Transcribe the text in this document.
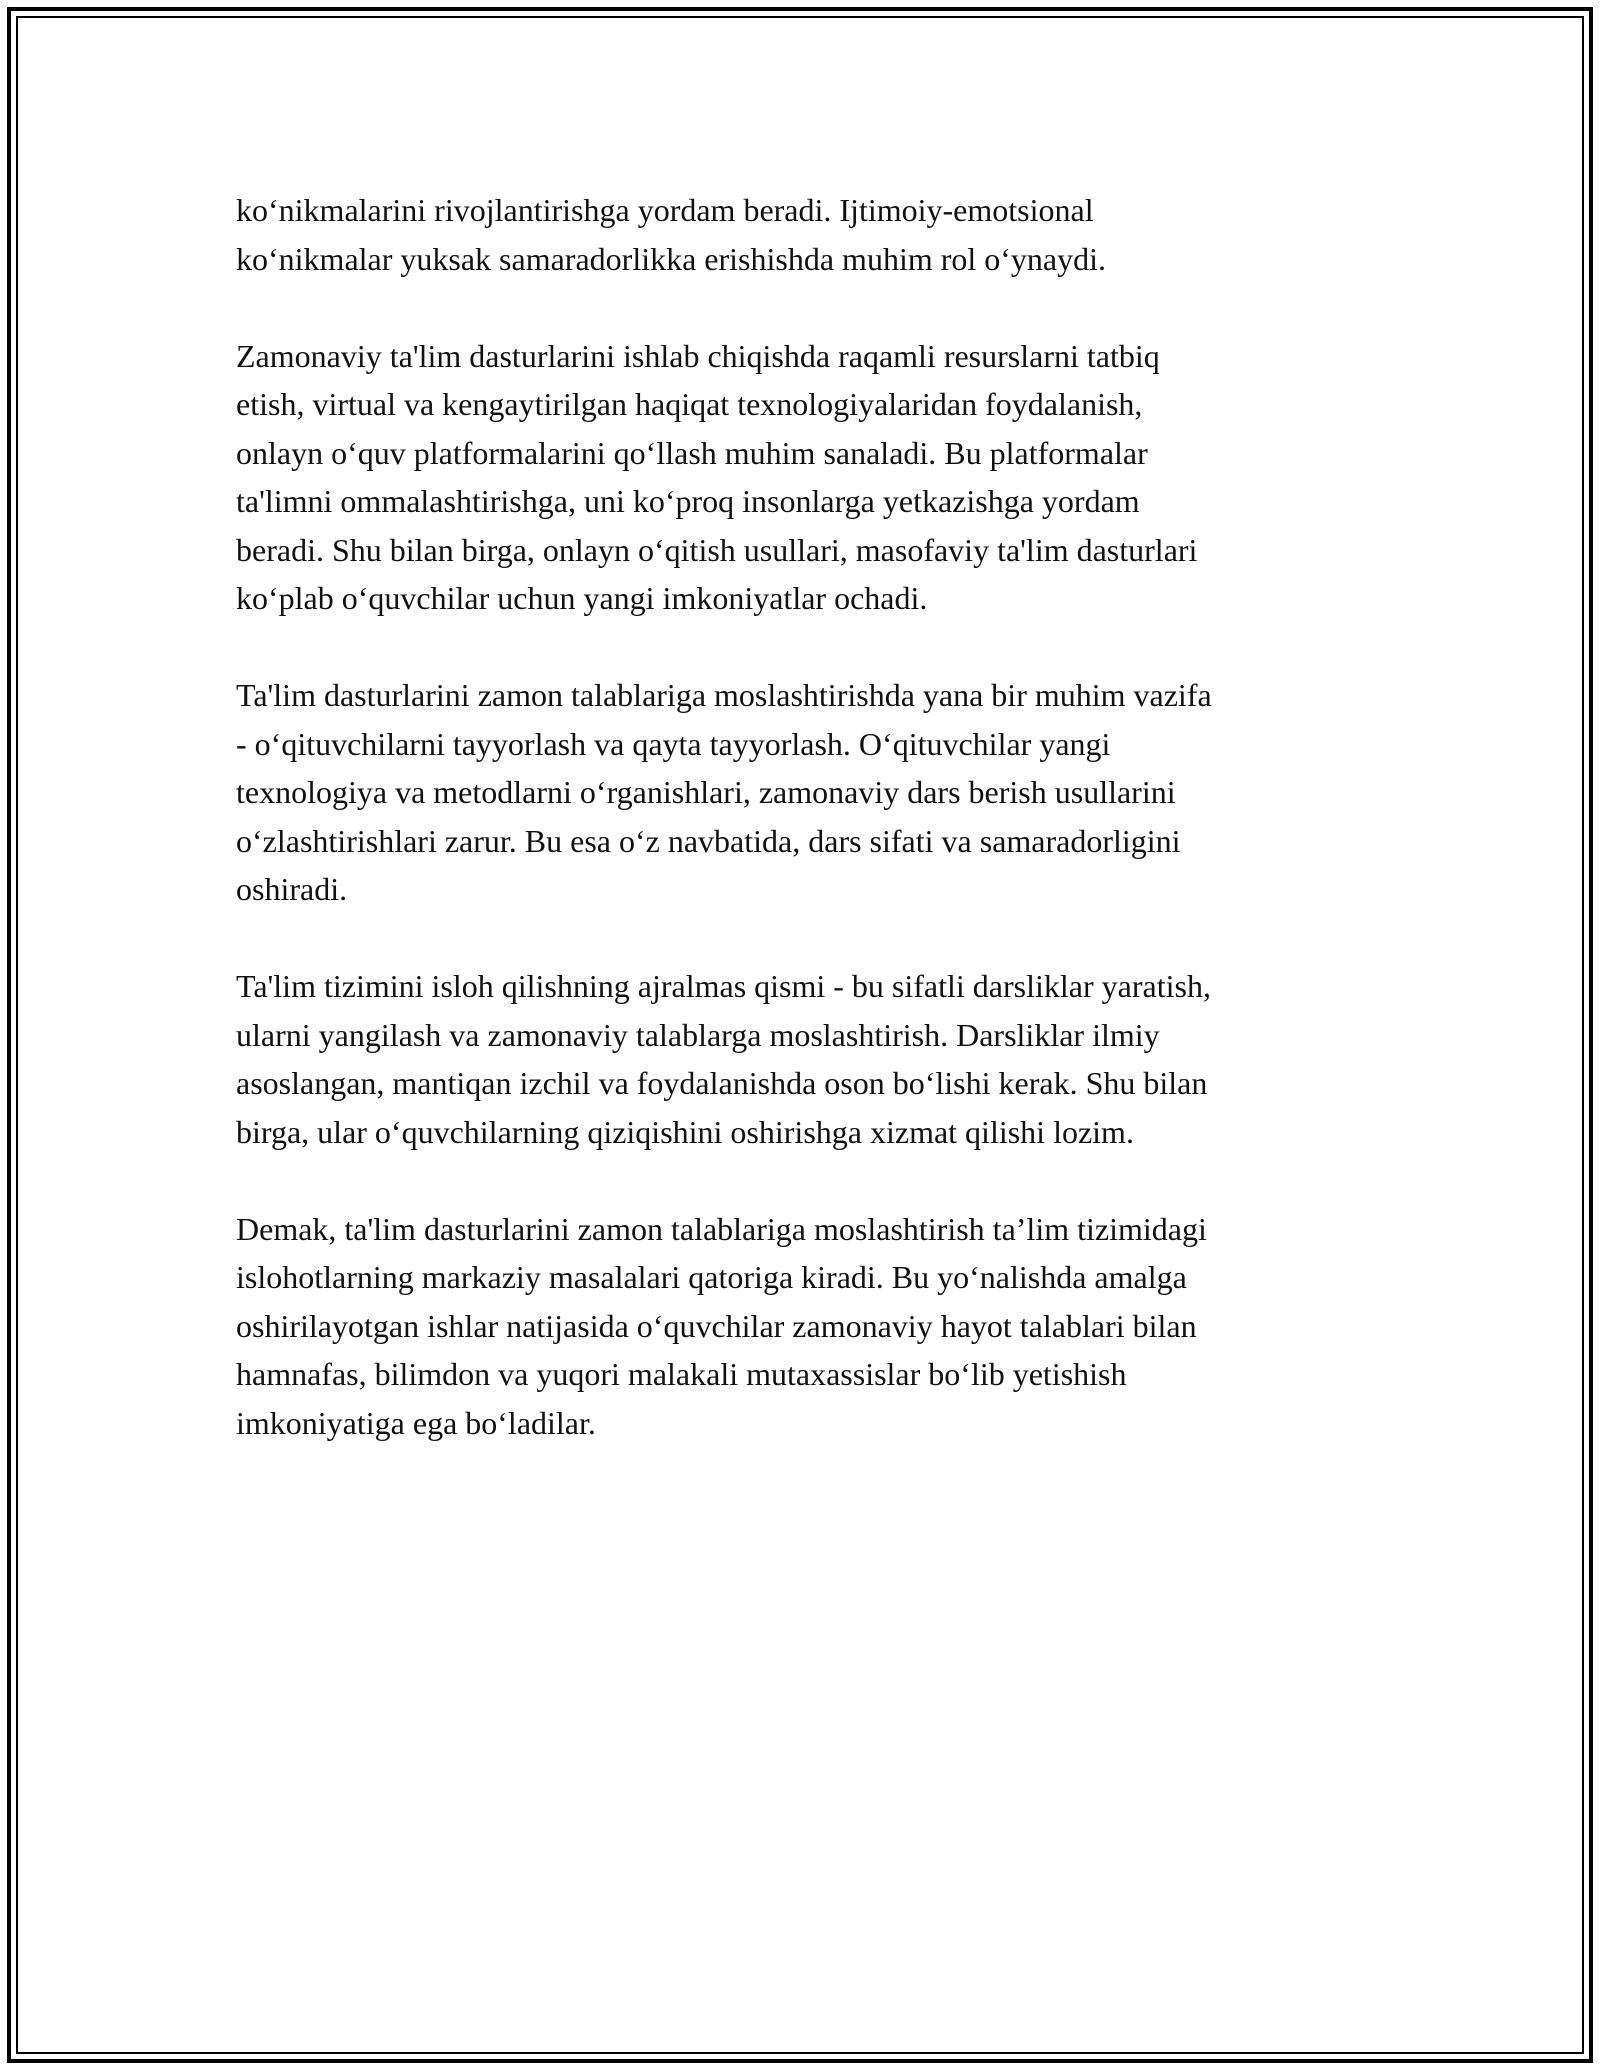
ko‘nikmalarini rivojlantirishga yordam beradi. Ijtimoiy-emotsional
ko‘nikmalar yuksak samaradorlikka erishishda muhim rol o‘ynaydi.

Zamonaviy ta'lim dasturlarini ishlab chiqishda raqamli resurslarni tatbiq
etish, virtual va kengaytirilgan haqiqat texnologiyalaridan foydalanish,
onlayn o‘quv platformalarini qo‘llash muhim sanaladi. Bu platformalar
ta'limni ommalashtirishga, uni ko‘proq insonlarga yetkazishga yordam
beradi. Shu bilan birga, onlayn o‘qitish usullari, masofaviy ta'lim dasturlari
ko‘plab o‘quvchilar uchun yangi imkoniyatlar ochadi.

Ta'lim dasturlarini zamon talablariga moslashtirishda yana bir muhim vazifa
- o‘qituvchilarni tayyorlash va qayta tayyorlash. O‘qituvchilar yangi
texnologiya va metodlarni o‘rganishlari, zamonaviy dars berish usullarini
o‘zlashtirishlari zarur. Bu esa o‘z navbatida, dars sifati va samaradorligini
oshiradi.

Ta'lim tizimini isloh qilishning ajralmas qismi - bu sifatli darsliklar yaratish,
ularni yangilash va zamonaviy talablarga moslashtirish. Darsliklar ilmiy
asoslangan, mantiqan izchil va foydalanishda oson bo‘lishi kerak. Shu bilan
birga, ular o‘quvchilarning qiziqishini oshirishga xizmat qilishi lozim.

Demak, ta'lim dasturlarini zamon talablariga moslashtirish ta’lim tizimidagi
islohotlarning markaziy masalalari qatoriga kiradi. Bu yo‘nalishda amalga
oshirilayotgan ishlar natijasida o‘quvchilar zamonaviy hayot talablari bilan
hamnafas, bilimdon va yuqori malakali mutaxassislar bo‘lib yetishish
imkoniyatiga ega bo‘ladilar.
